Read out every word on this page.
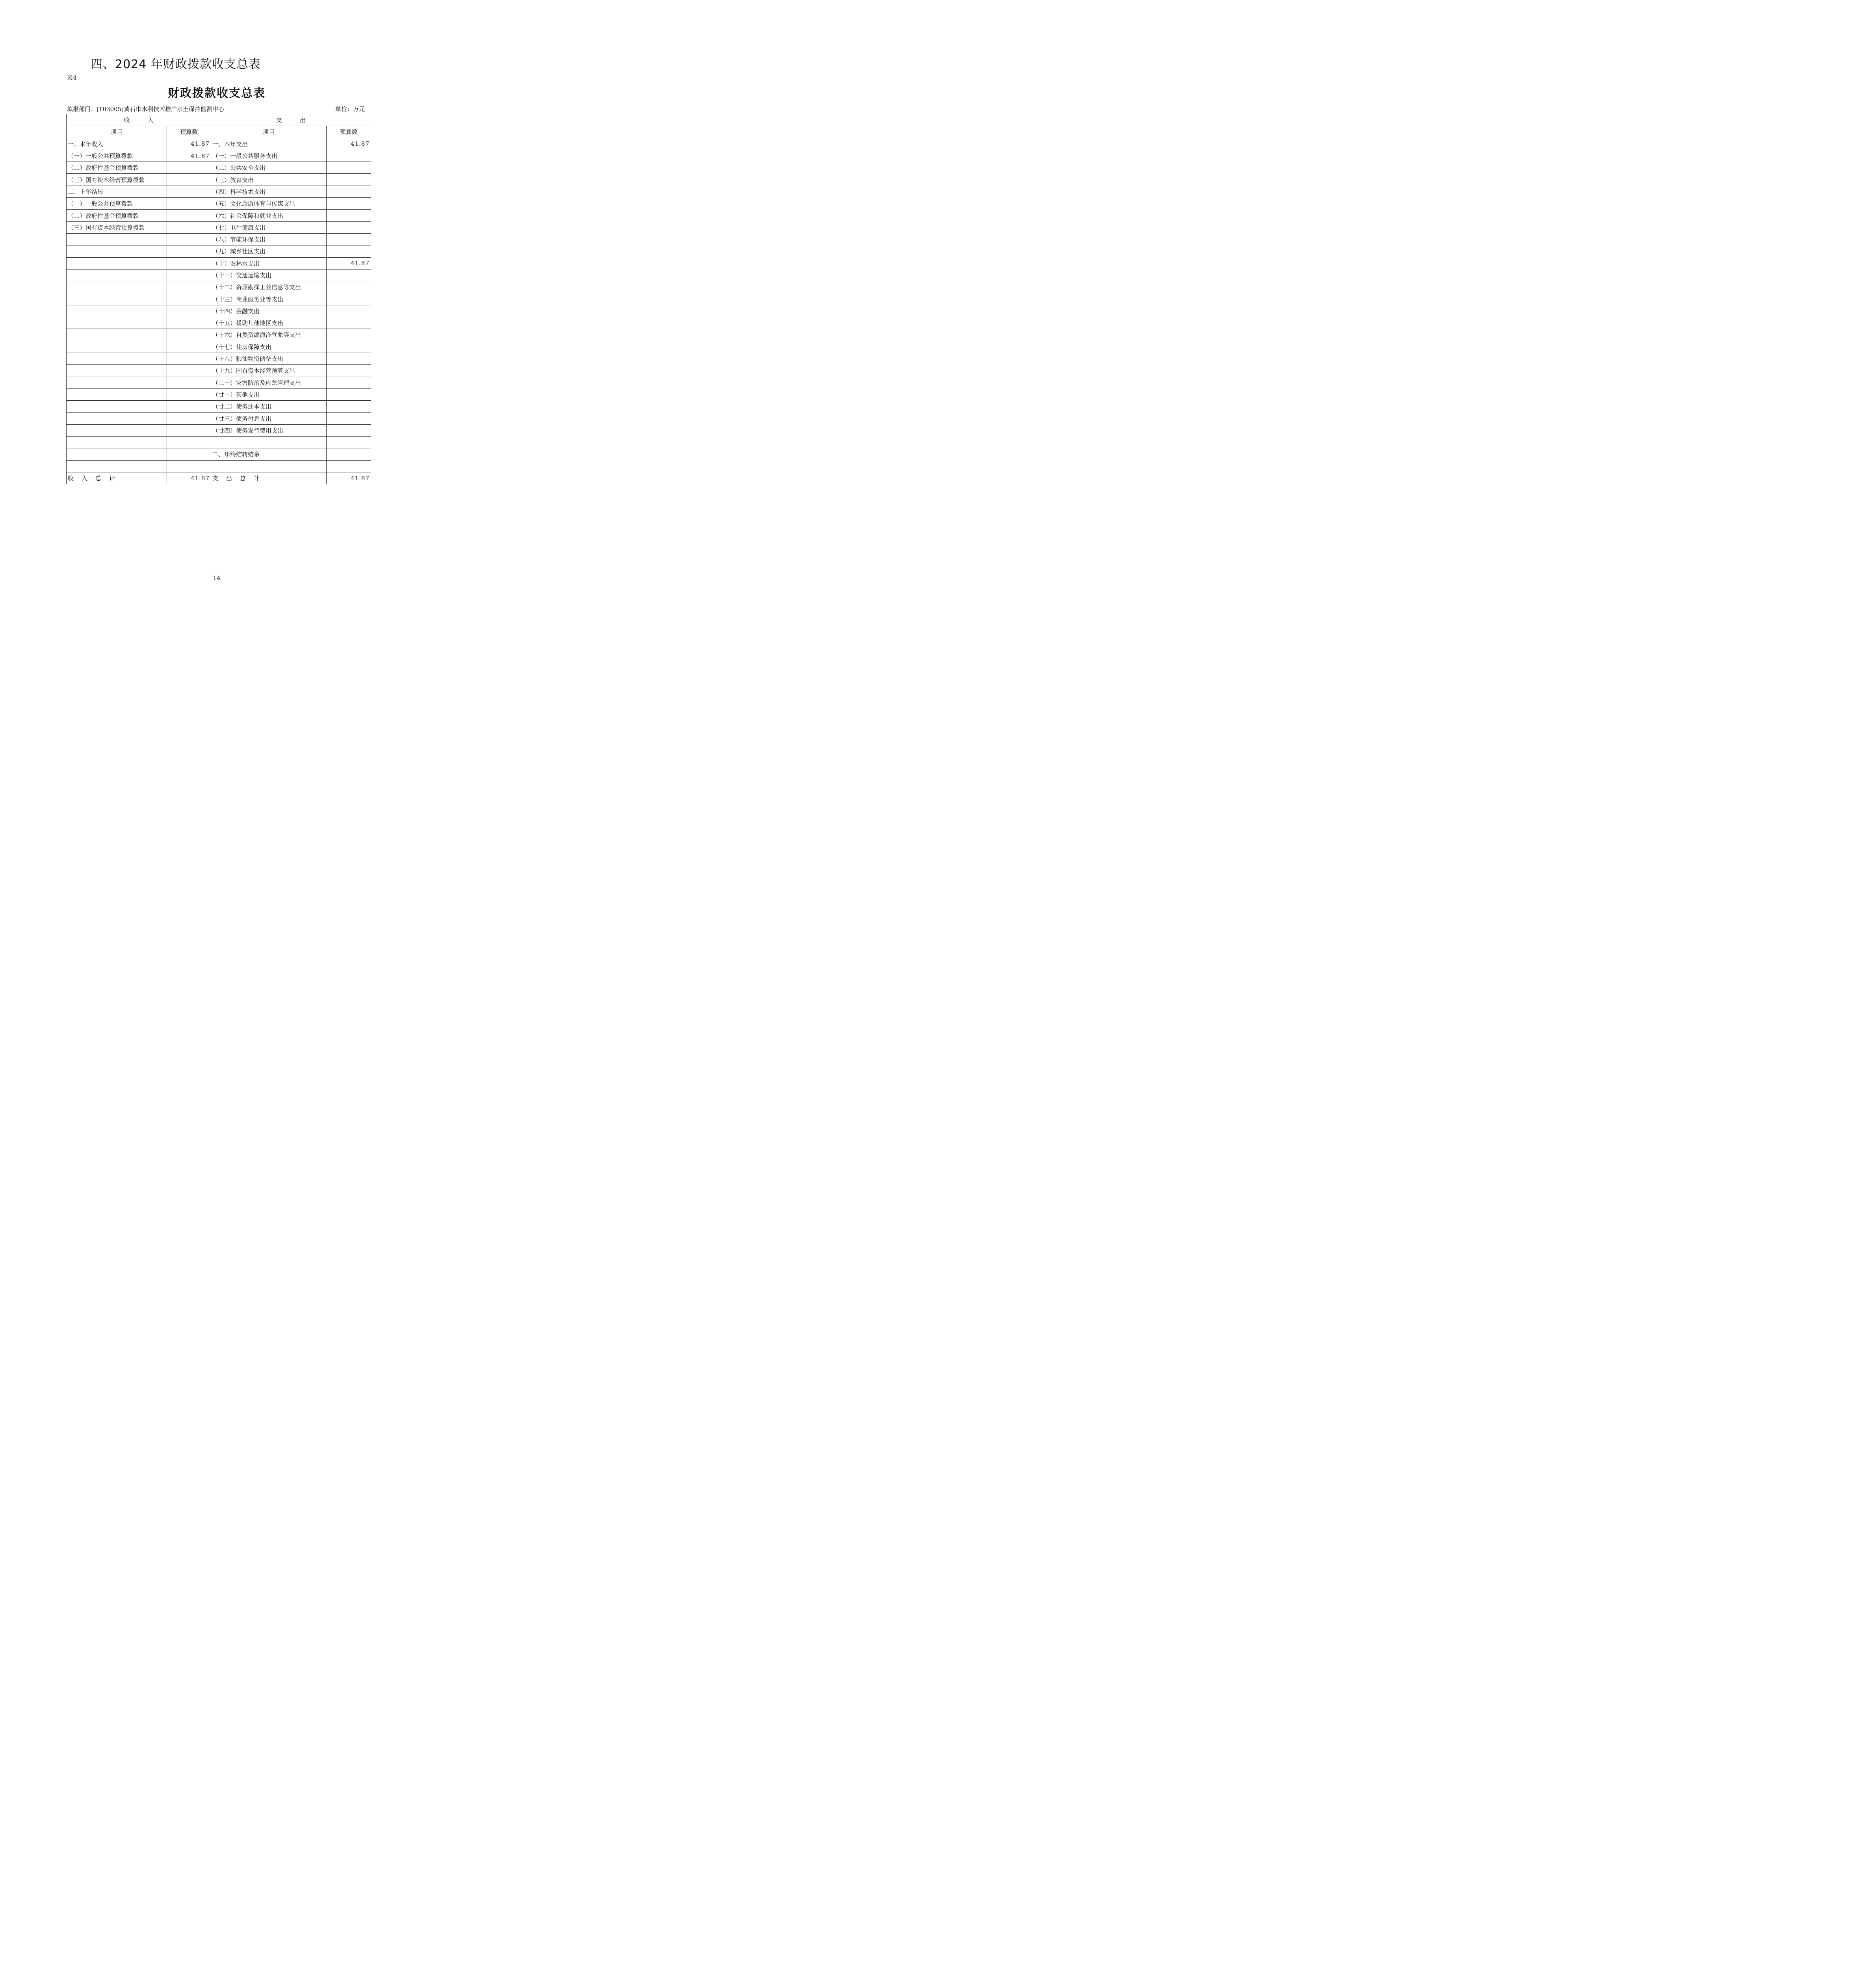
四、2024 年财政拨款收支总表
表4
财政拨款收支总表
填报部门：[103005]黄石市水利技术推广水土保持监测中心	单位：万元
收　　　入		支　　　出	
项目	预算数	项目	预算数
一、本年收入	41.87	一、本年支出	41.87
（一）一般公共预算拨款	41.87	（一）一般公共服务支出	
（二）政府性基金预算拨款		（二）公共安全支出	
（三）国有资本经营预算拨款		（三）教育支出	
二、上年结转		（四）科学技术支出	
（一）一般公共预算拨款		（五）文化旅游体育与传媒支出	
（二）政府性基金预算拨款		（六）社会保障和就业支出	
（三）国有资本经营预算拨款		（七）卫生健康支出	
		（八）节能环保支出	
		（九）城乡社区支出	
		（十）农林水支出	41.87
		（十一）交通运输支出	
		（十二）资源勘探工业信息等支出	
		（十三）商业服务业等支出	
		（十四）金融支出	
		（十五）援助其他地区支出	
		（十六）自然资源海洋气象等支出	
		（十七）住房保障支出	
		（十八）粮油物资储备支出	
		（十九）国有资本经营预算支出	
		（二十）灾害防治及应急管理支出	
		（廿一）其他支出	
		（廿二）债务还本支出	
		（廿三）债务付息支出	
		（廿四）债务发行费用支出	

		二、年终结转结余	

收入总计	41.87	支出总计	41.87
14
